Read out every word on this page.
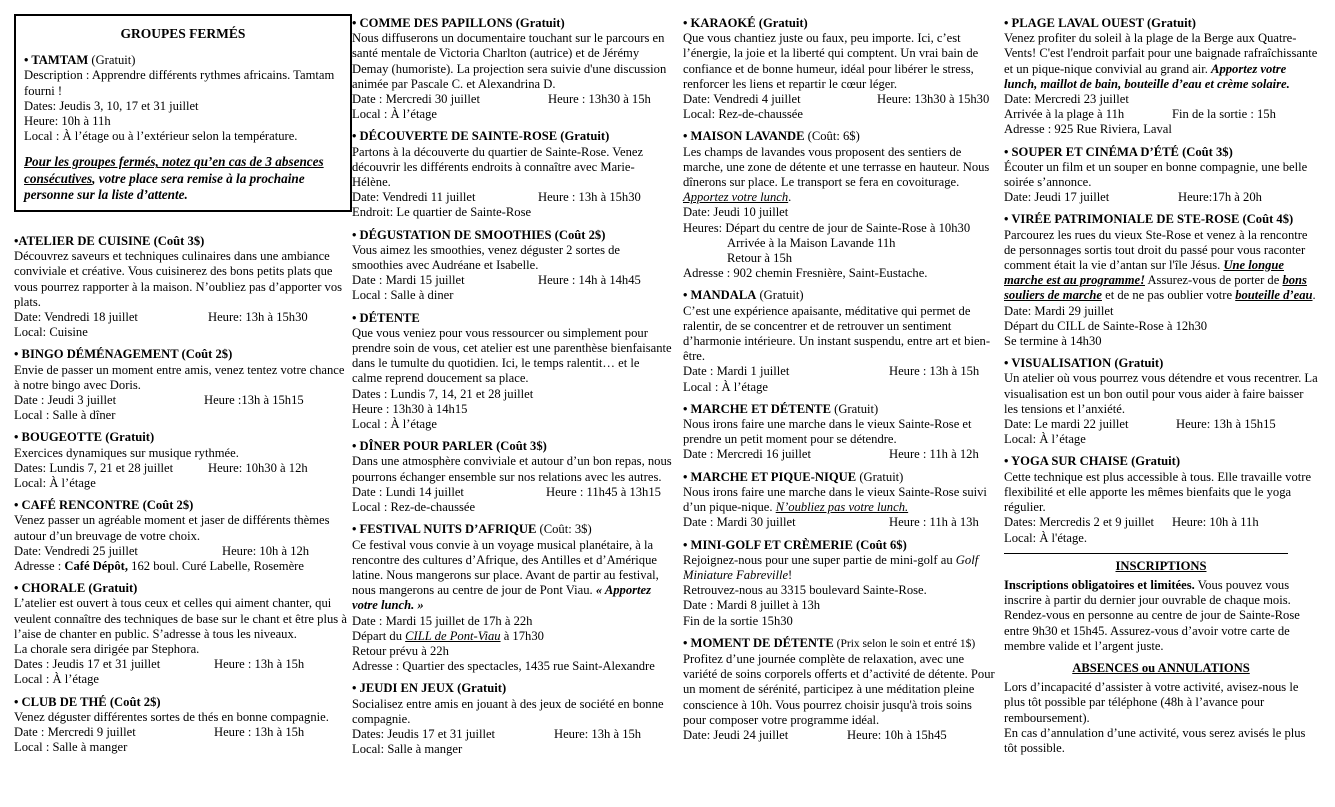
GROUPES FERMÉS
• TAMTAM (Gratuit)
Description : Apprendre différents rythmes africains. Tamtam fourni !
Dates: Jeudis 3, 10, 17 et 31 juillet
Heure: 10h à 11h
Local : À l’étage ou à l’extérieur selon la température.
Pour les groupes fermés, notez qu’en cas de 3 absences consécutives, votre place sera remise à la prochaine personne sur la liste d’attente.
•ATELIER DE CUISINE (Coût 3$)
Découvrez saveurs et techniques culinaires dans une ambiance conviviale et créative. Vous cuisinerez des bons petits plats que vous pourrez rapporter à la maison. N’oubliez pas d’apporter vos plats.
Date: Vendredi 18 juillet	Heure: 13h à 15h30
Local: Cuisine
• BINGO DÉMÉNAGEMENT (Coût 2$)
Envie de passer un moment entre amis, venez tentez votre chance à notre bingo avec Doris.
Date : Jeudi 3 juillet	Heure :13h à 15h15
Local : Salle à dîner
• BOUGEOTTE (Gratuit)
Exercices dynamiques sur musique rythmée.
Dates: Lundis 7, 21 et 28 juillet	Heure: 10h30 à 12h
Local: À l’étage
• CAFÉ RENCONTRE (Coût 2$)
Venez passer un agréable moment et jaser de différents thèmes autour d’un breuvage de votre choix.
Date: Vendredi 25 juillet	Heure: 10h à 12h
Adresse : Café Dépôt, 162 boul. Curé Labelle, Rosemère
• CHORALE (Gratuit)
L’atelier est ouvert à tous ceux et celles qui aiment chanter, qui veulent connaître des techniques de base sur le chant et être plus à l’aise de chanter en public. S’adresse à tous les niveaux.
La chorale sera dirigée par Stephora.
Dates : Jeudis 17 et 31 juillet	Heure : 13h à 15h
Local : À l’étage
• CLUB DE THÉ (Coût 2$)
Venez déguster différentes sortes de thés en bonne compagnie.
Date : Mercredi 9 juillet	Heure : 13h à 15h
Local : Salle à manger
• COMME DES PAPILLONS (Gratuit)
Nous diffuserons un documentaire touchant sur le parcours en santé mentale de Victoria Charlton (autrice) et de Jérémy Demay (humoriste). La projection sera suivie d'une discussion animée par Pascale C. et Alexandrina D.
Date : Mercredi 30 juillet	Heure : 13h30 à 15h
Local : À l’étage
• DÉCOUVERTE DE SAINTE-ROSE (Gratuit)
Partons à la découverte du quartier de Sainte-Rose. Venez découvrir les différents endroits à connaître avec Marie-Hélène.
Date: Vendredi 11 juillet	Heure : 13h à 15h30
Endroit: Le quartier de Sainte-Rose
• DÉGUSTATION DE SMOOTHIES (Coût 2$)
Vous aimez les smoothies, venez déguster 2 sortes de smoothies avec Audréane et Isabelle.
Date : Mardi 15 juillet	Heure : 14h à 14h45
Local : Salle à diner
• DÉTENTE
Que vous veniez pour vous ressourcer ou simplement pour prendre soin de vous, cet atelier est une parenthèse bienfaisante dans le tumulte du quotidien. Ici, le temps ralentit… et le calme reprend doucement sa place.
Dates : Lundis 7, 14, 21 et 28 juillet
Heure : 13h30 à 14h15
Local : À l’étage
• DÎNER POUR PARLER (Coût 3$)
Dans une atmosphère conviviale et autour d’un bon repas, nous pourrons échanger ensemble sur nos relations avec les autres.
Date : Lundi 14 juillet	Heure : 11h45 à 13h15
Local : Rez-de-chaussée
• FESTIVAL NUITS D’AFRIQUE (Coût: 3$)
Ce festival vous convie à un voyage musical planétaire, à la rencontre des cultures d’Afrique, des Antilles et d’Amérique latine. Nous mangerons sur place. Avant de partir au festival, nous mangerons au centre de jour de Pont Viau. « Apportez votre lunch. »
Date : Mardi 15 juillet de 17h à 22h
Départ du CILL de Pont-Viau à 17h30
Retour prévu à 22h
Adresse : Quartier des spectacles, 1435 rue Saint-Alexandre
• JEUDI EN JEUX (Gratuit)
Socialisez entre amis en jouant à des jeux de société en bonne compagnie.
Dates: Jeudis 17 et 31 juillet	Heure: 13h à 15h
Local: Salle à manger
• KARAOKÉ (Gratuit)
Que vous chantiez juste ou faux, peu importe. Ici, c’est l’énergie, la joie et la liberté qui comptent. Un vrai bain de confiance et de bonne humeur, idéal pour libérer le stress, renforcer les liens et repartir le cœur léger.
Date: Vendredi 4 juillet	Heure: 13h30 à 15h30
Local: Rez-de-chaussée
• MAISON LAVANDE (Coût: 6$)
Les champs de lavandes vous proposent des sentiers de marche, une zone de détente et une terrasse en hauteur. Nous dînerons sur place. Le transport se fera en covoiturage. Apportez votre lunch.
Date: Jeudi 10 juillet
Heures: Départ du centre de jour de Sainte-Rose à 10h30
Arrivée à la Maison Lavande 11h
Retour à 15h
Adresse : 902 chemin Fresnière, Saint-Eustache.
• MANDALA (Gratuit)
C’est une expérience apaisante, méditative qui permet de ralentir, de se concentrer et de retrouver un sentiment d’harmonie intérieure. Un instant suspendu, entre art et bien-être.
Date : Mardi 1 juillet	Heure : 13h à 15h
Local : À l’étage
• MARCHE ET DÉTENTE (Gratuit)
Nous irons faire une marche dans le vieux Sainte-Rose et prendre un petit moment pour se détendre.
Date : Mercredi 16 juillet	Heure : 11h à 12h
• MARCHE ET PIQUE-NIQUE (Gratuit)
Nous irons faire une marche dans le vieux Sainte-Rose suivi d’un pique-nique. N’oubliez pas votre lunch.
Date : Mardi 30 juillet	Heure : 11h à 13h
• MINI-GOLF ET CRÈMERIE (Coût 6$)
Rejoignez-nous pour une super partie de mini-golf au Golf Miniature Fabreville!
Retrouvez-nous au 3315 boulevard Sainte-Rose.
Date : Mardi 8 juillet à 13h
Fin de la sortie 15h30
• MOMENT DE DÉTENTE (Prix selon le soin et entré 1$)
Profitez d’une journée complète de relaxation, avec une variété de soins corporels offerts et d’activité de détente. Pour un moment de sérénité, participez à une méditation pleine conscience à 10h. Vous pourrez choisir jusqu'à trois soins pour composer votre programme idéal.
Date: Jeudi 24 juillet	Heure: 10h à 15h45
• PLAGE LAVAL OUEST (Gratuit)
Venez profiter du soleil à la plage de la Berge aux Quatre-Vents! C'est l'endroit parfait pour une baignade rafraîchissante et un pique-nique convivial au grand air. Apportez votre lunch, maillot de bain, bouteille d’eau et crème solaire.
Date: Mercredi 23 juillet
Arrivée à la plage à 11h	Fin de la sortie : 15h
Adresse : 925 Rue Riviera, Laval
• SOUPER ET CINÉMA D’ÉTÉ (Coût 3$)
Écouter un film et un souper en bonne compagnie, une belle soirée s’annonce.
Date: Jeudi 17 juillet	Heure:17h à 20h
• VIRÉE PATRIMONIALE DE STE-ROSE (Coût 4$)
Parcourez les rues du vieux Ste-Rose et venez à la rencontre de personnages sortis tout droit du passé pour vous raconter comment était la vie d’antan sur l'île Jésus. Une longue marche est au programme! Assurez-vous de porter de bons souliers de marche et de ne pas oublier votre bouteille d’eau.
Date: Mardi 29 juillet
Départ du CILL de Sainte-Rose à 12h30
Se termine à 14h30
• VISUALISATION (Gratuit)
Un atelier où vous pourrez vous détendre et vous recentrer. La visualisation est un bon outil pour vous aider à faire baisser les tensions et l’anxiété.
Date: Le mardi 22 juillet	Heure: 13h à 15h15
Local: À l’étage
• YOGA SUR CHAISE (Gratuit)
Cette technique est plus accessible à tous. Elle travaille votre flexibilité et elle apporte les mêmes bienfaits que le yoga régulier.
Dates: Mercredis 2 et 9 juillet	Heure: 10h à 11h
Local: À l'étage.
INSCRIPTIONS
Inscriptions obligatoires et limitées. Vous pouvez vous inscrire à partir du dernier jour ouvrable de chaque mois. Rendez-vous en personne au centre de jour de Sainte-Rose entre 9h30 et 15h45. Assurez-vous d’avoir votre carte de membre valide et l’argent juste.
ABSENCES ou ANNULATIONS
Lors d’incapacité d’assister à votre activité, avisez-nous le plus tôt possible par téléphone (48h à l’avance pour remboursement).
En cas d’annulation d’une activité, vous serez avisés le plus tôt possible.
